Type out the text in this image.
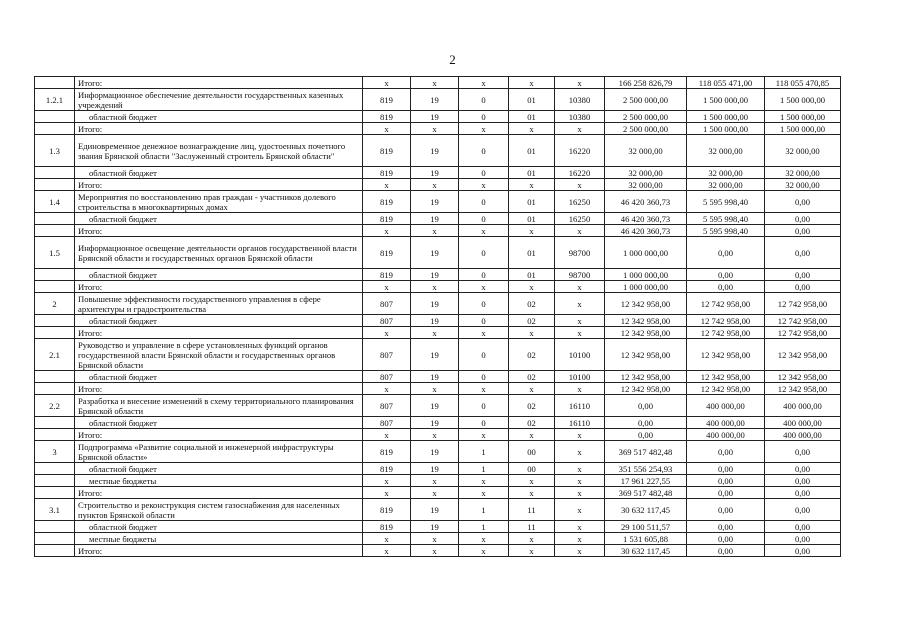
2
	Итого:	х	х	х	х	х	166 258 826,79	118 055 471,00	118 055 470,85
1.2.1	Информационное обеспечение деятельности государственных казенных учреждений	819	19	0	01	10380	2 500 000,00	1 500 000,00	1 500 000,00
	областной бюджет	819	19	0	01	10380	2 500 000,00	1 500 000,00	1 500 000,00
	Итого:	х	х	х	х	х	2 500 000,00	1 500 000,00	1 500 000,00
1.3	Единовременное денежное вознаграждение лиц, удостоенных почетного звания Брянской области "Заслуженный строитель Брянской области"	819	19	0	01	16220	32 000,00	32 000,00	32 000,00
	областной бюджет	819	19	0	01	16220	32 000,00	32 000,00	32 000,00
	Итого:	х	х	х	х	х	32 000,00	32 000,00	32 000,00
1.4	Мероприятия по восстановлению прав граждан - участников долевого строительства в многоквартирных домах	819	19	0	01	16250	46 420 360,73	5 595 998,40	0,00
	областной бюджет	819	19	0	01	16250	46 420 360,73	5 595 998,40	0,00
	Итого:	х	х	х	х	х	46 420 360,73	5 595 998,40	0,00
1.5	Информационное освещение деятельности органов государственной власти Брянской области и государственных органов Брянской области	819	19	0	01	98700	1 000 000,00	0,00	0,00
	областной бюджет	819	19	0	01	98700	1 000 000,00	0,00	0,00
	Итого:	х	х	х	х	х	1 000 000,00	0,00	0,00
2	Повышение эффективности государственного управления в сфере архитектуры и градостроительства	807	19	0	02	х	12 342 958,00	12 742 958,00	12 742 958,00
	областной бюджет	807	19	0	02	х	12 342 958,00	12 742 958,00	12 742 958,00
	Итого:	х	х	х	х	х	12 342 958,00	12 742 958,00	12 742 958,00
2.1	Руководство и управление в сфере установленных функций органов государственной власти Брянской области и государственных органов Брянской области	807	19	0	02	10100	12 342 958,00	12 342 958,00	12 342 958,00
	областной бюджет	807	19	0	02	10100	12 342 958,00	12 342 958,00	12 342 958,00
	Итого:	х	х	х	х	х	12 342 958,00	12 342 958,00	12 342 958,00
2.2	Разработка и внесение изменений в схему территориального планирования Брянской области	807	19	0	02	16110	0,00	400 000,00	400 000,00
	областной бюджет	807	19	0	02	16110	0,00	400 000,00	400 000,00
	Итого:	х	х	х	х	х	0,00	400 000,00	400 000,00
3	Подпрограмма «Развитие социальной и инженерной инфраструктуры Брянской области»	819	19	1	00	х	369 517 482,48	0,00	0,00
	областной бюджет	819	19	1	00	х	351 556 254,93	0,00	0,00
	местные бюджеты	х	х	х	х	х	17 961 227,55	0,00	0,00
	Итого:	х	х	х	х	х	369 517 482,48	0,00	0,00
3.1	Строительство и реконструкция систем газоснабжения для населенных пунктов Брянской области	819	19	1	11	х	30 632 117,45	0,00	0,00
	областной бюджет	819	19	1	11	х	29 100 511,57	0,00	0,00
	местные бюджеты	х	х	х	х	х	1 531 605,88	0,00	0,00
	Итого:	х	х	х	х	х	30 632 117,45	0,00	0,00
